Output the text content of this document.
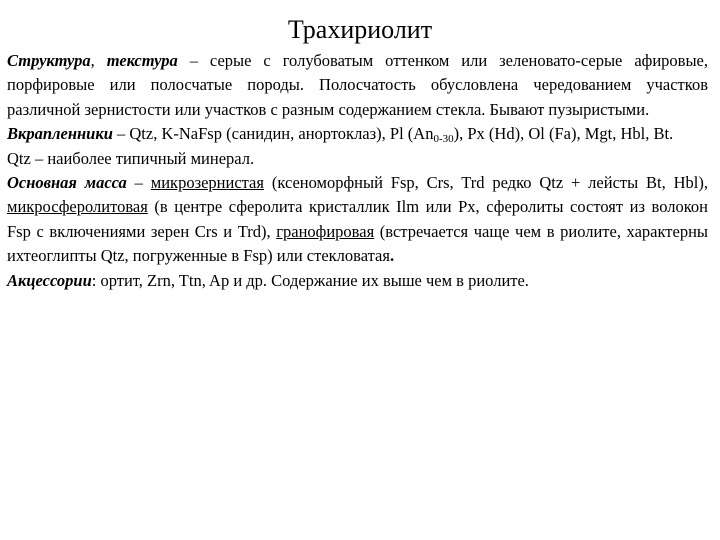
Трахириолит

Структура, текстура – серые с голубоватым оттенком или зеленовато-серые афировые, порфировые или полосчатые породы. Полосчатость обусловлена чередованием участков различной зернистости или участков с разным содержанием стекла. Бывают пузыристыми.

Вкрапленники – Qtz, K-NaFsp (санидин, анортоклаз), Pl $(An_{0-30})$, Px (Hd), Ol (Fa), Mgt, Hbl, Bt.

Qtz – наиболее типичный минерал.

Основная масса – микрозернистая (ксеноморфный Fsp, Crs, Trd редко Qtz + лейсты Bt, Hbl), микросферолитовая (в центре сферолита кристаллик Ilm или Px, сферолиты состоят из волокон Fsp с включениями зерен Crs и Trd), гранофировая (встречается чаще чем в риолите, характерны ихтеоглипты Qtz, погруженные в Fsp) или стекловатая.

Акцессории: ортит, Zrn, Ttn, Ap и др. Содержание их выше чем в риолите.
